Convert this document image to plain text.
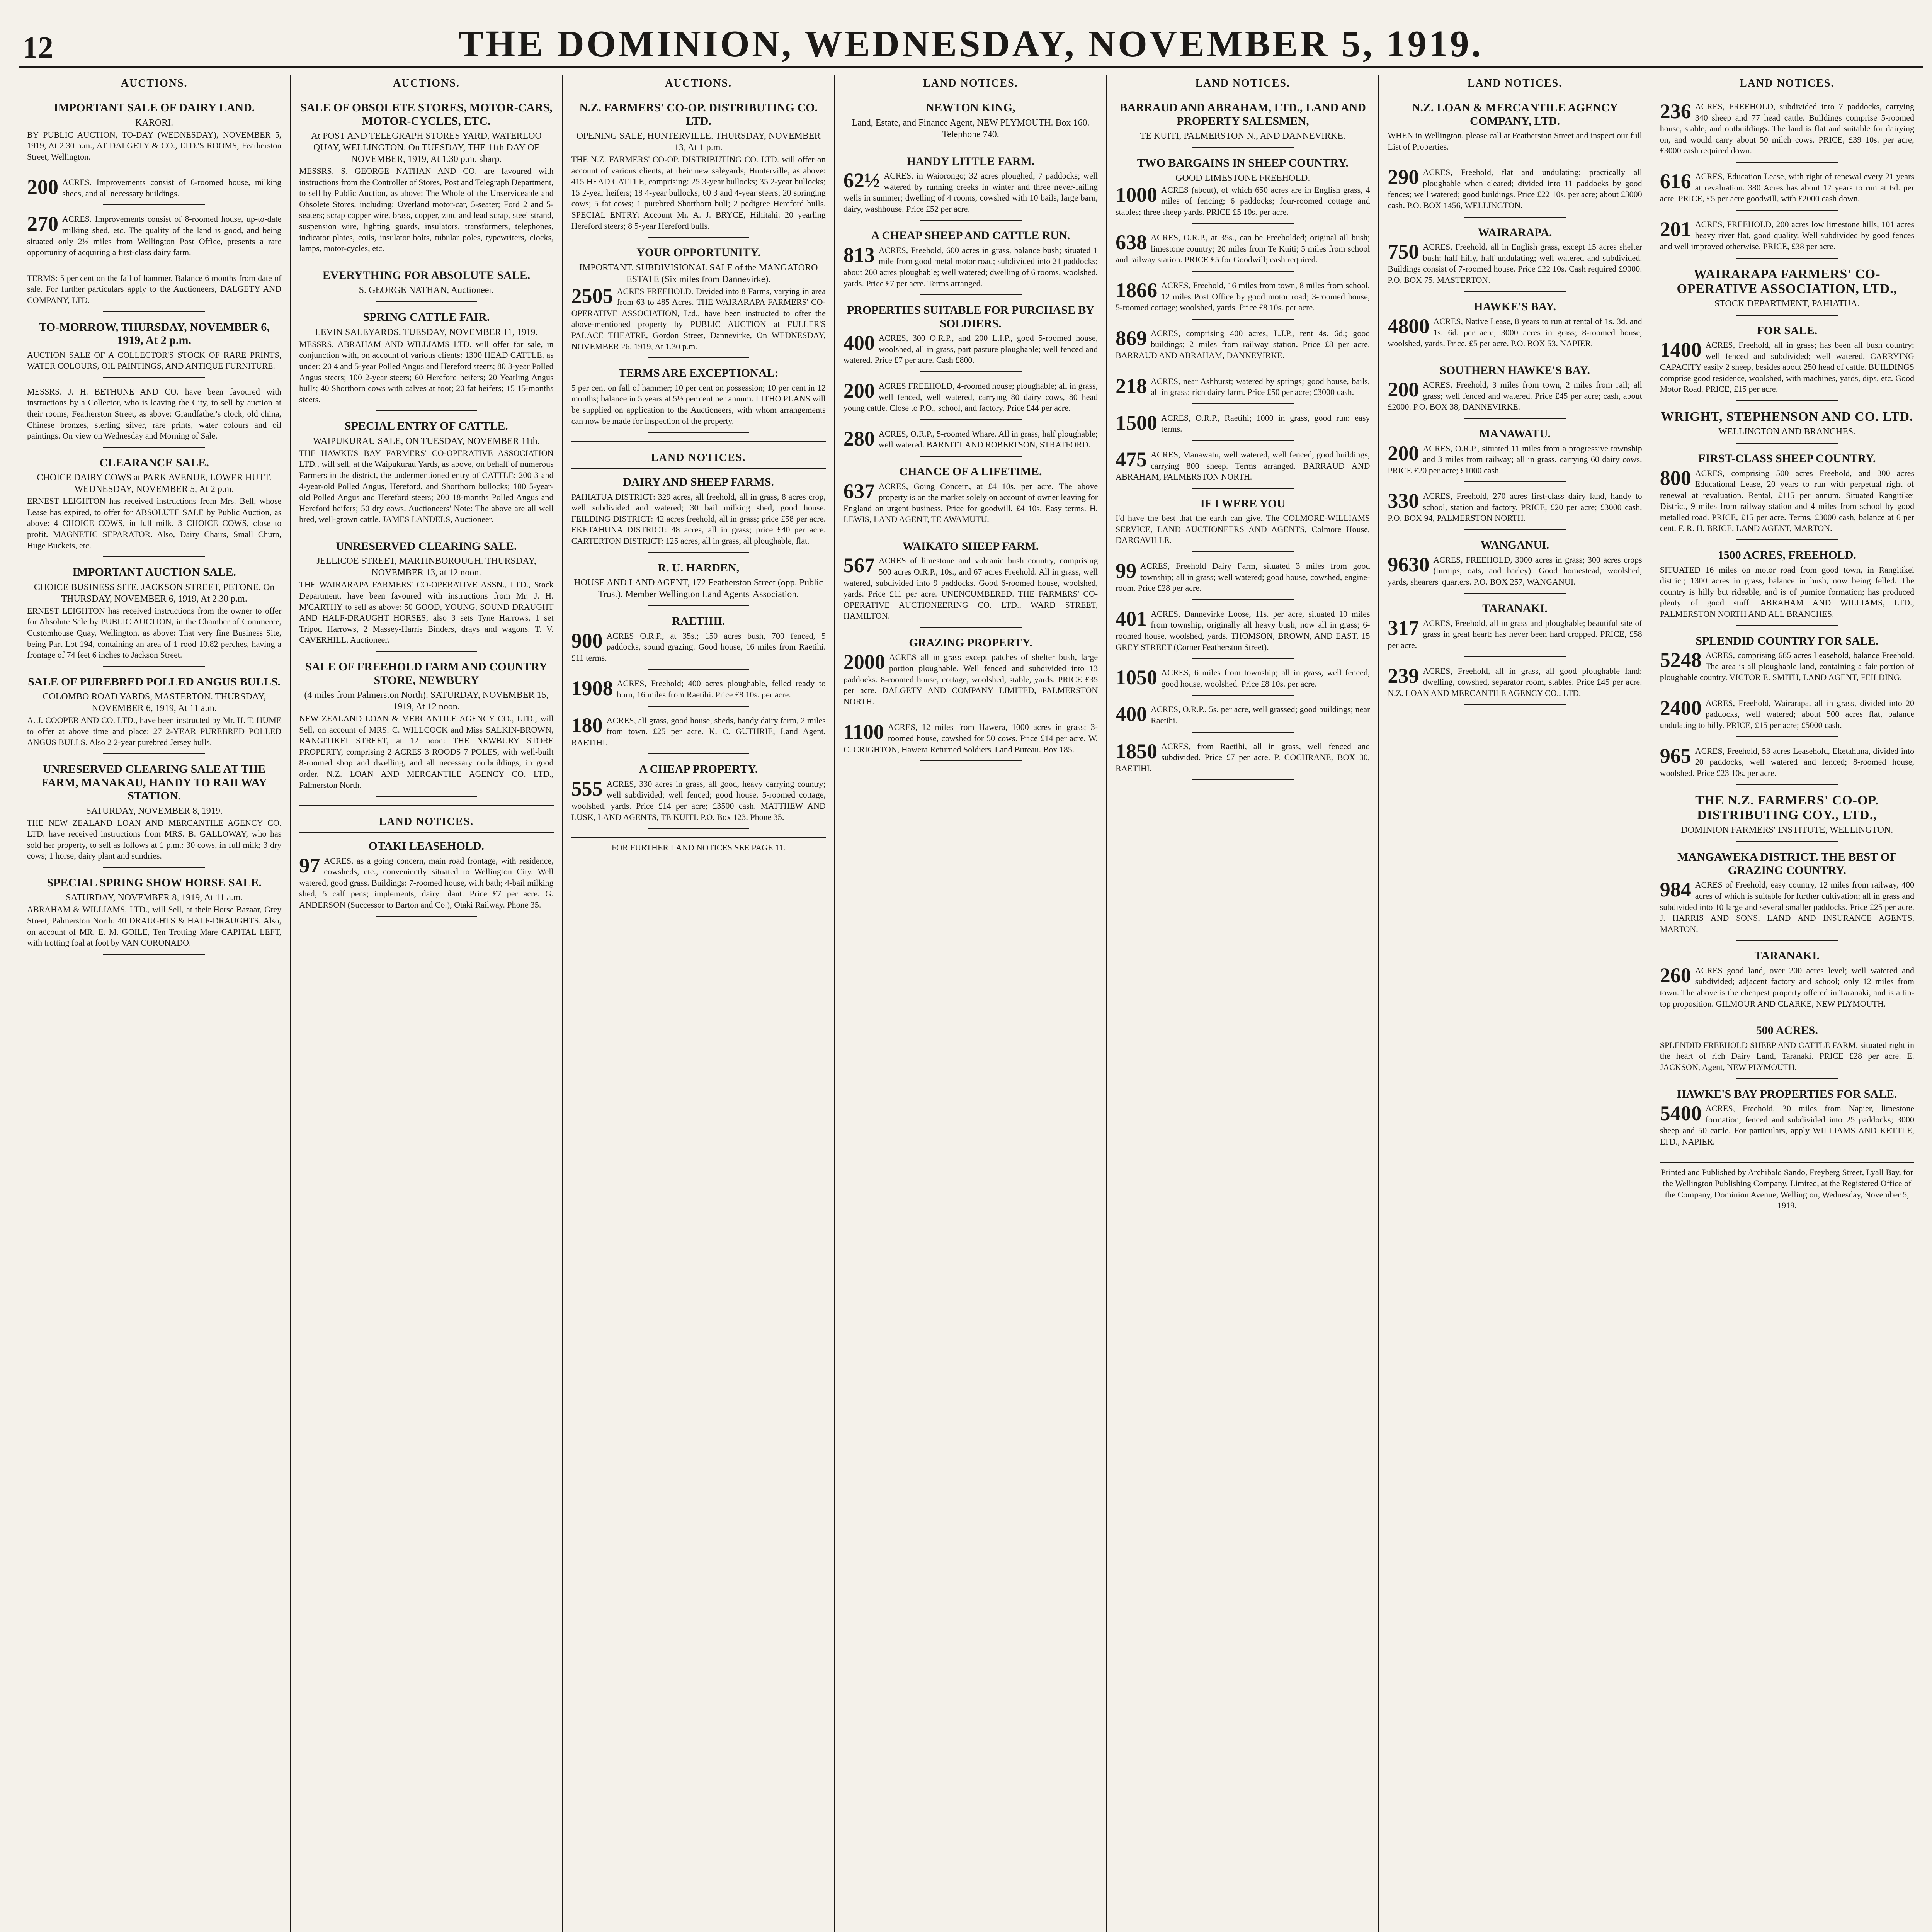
12	THE DOMINION, WEDNESDAY, NOVEMBER 5, 1919.
AUCTIONS.
IMPORTANT SALE OF DAIRY LAND.
KARORI.

BY PUBLIC AUCTION, TO-DAY (WEDNESDAY), NOVEMBER 5, 1919, At 2.30 p.m., AT DALGETY & CO., LTD.'S ROOMS, Featherston Street, Wellington.

200 ACRES. Improvements consist of 6-roomed house, milking sheds, and all necessary buildings.

270 ACRES. Improvements consist of 8-roomed house, up-to-date milking shed, etc. The quality of the land is good, and being situated only 2½ miles from Wellington Post Office, presents a rare opportunity of acquiring a first-class dairy farm.

TERMS: 5 per cent on the fall of hammer. Balance 6 months from date of sale. For further particulars apply to the Auctioneers, DALGETY AND COMPANY, LTD.

TO-MORROW, THURSDAY, NOVEMBER 6, 1919, At 2 p.m.

AUCTION SALE OF A COLLECTOR'S STOCK OF RARE PRINTS, WATER COLOURS, OIL PAINTINGS, AND ANTIQUE FURNITURE.

MESSRS. J. H. BETHUNE AND CO. have been favoured with instructions by a Collector, who is leaving the City, to sell by auction at their rooms, Featherston Street, as above: Grandfather's clock, old china, Chinese bronzes, sterling silver, rare prints, water colours and oil paintings. On view on Wednesday and Morning of Sale.

CLEARANCE SALE.
CHOICE DAIRY COWS at PARK AVENUE, LOWER HUTT. WEDNESDAY, NOVEMBER 5, At 2 p.m.

ERNEST LEIGHTON has received instructions from Mrs. Bell, whose Lease has expired, to offer for ABSOLUTE SALE by Public Auction, as above: 4 CHOICE COWS, in full milk. 3 CHOICE COWS, close to profit. MAGNETIC SEPARATOR. Also, Dairy Chairs, Small Churn, Huge Buckets, etc.

IMPORTANT AUCTION SALE.
CHOICE BUSINESS SITE. JACKSON STREET, PETONE. On THURSDAY, NOVEMBER 6, 1919, At 2.30 p.m.

ERNEST LEIGHTON has received instructions from the owner to offer for Absolute Sale by PUBLIC AUCTION, in the Chamber of Commerce, Customhouse Quay, Wellington, as above: That very fine Business Site, being Part Lot 194, containing an area of 1 rood 10.82 perches, having a frontage of 74 feet 6 inches to Jackson Street.

SALE OF PUREBRED POLLED ANGUS BULLS.
COLOMBO ROAD YARDS, MASTERTON. THURSDAY, NOVEMBER 6, 1919, At 11 a.m.

A. J. COOPER AND CO. LTD., have been instructed by Mr. H. T. HUME to offer at above time and place: 27 2-YEAR PUREBRED POLLED ANGUS BULLS. Also 2 2-year purebred Jersey bulls.

UNRESERVED CLEARING SALE AT THE FARM, MANAKAU, HANDY TO RAILWAY STATION.
SATURDAY, NOVEMBER 8, 1919.

THE NEW ZEALAND LOAN AND MERCANTILE AGENCY CO. LTD. have received instructions from MRS. B. GALLOWAY, who has sold her property, to sell as follows at 1 p.m.: 30 cows, in full milk; 3 dry cows; 1 horse; dairy plant and sundries.

SPECIAL SPRING SHOW HORSE SALE.
SATURDAY, NOVEMBER 8, 1919, At 11 a.m.

ABRAHAM & WILLIAMS, LTD., will Sell, at their Horse Bazaar, Grey Street, Palmerston North: 40 DRAUGHTS & HALF-DRAUGHTS. Also, on account of MR. E. M. GOILE, Ten Trotting Mare CAPITAL LEFT, with trotting foal at foot by VAN CORONADO.

AUCTIONS.
SALE OF OBSOLETE STORES, MOTOR-CARS, MOTOR-CYCLES, ETC.
At POST AND TELEGRAPH STORES YARD, WATERLOO QUAY, WELLINGTON. On TUESDAY, THE 11th DAY OF NOVEMBER, 1919, At 1.30 p.m. sharp.

MESSRS. S. GEORGE NATHAN AND CO. are favoured with instructions from the Controller of Stores, Post and Telegraph Department, to sell by Public Auction, as above: The Whole of the Unserviceable and Obsolete Stores, including: Overland motor-car, 5-seater; Ford 2 and 5-seaters; scrap copper wire, brass, copper, zinc and lead scrap, steel strand, suspension wire, lighting guards, insulators, transformers, telephones, indicator plates, coils, insulator bolts, tubular poles, typewriters, clocks, lamps, motor-cycles, etc.

EVERYTHING FOR ABSOLUTE SALE.
S. GEORGE NATHAN, Auctioneer.
SPRING CATTLE FAIR.
LEVIN SALEYARDS. TUESDAY, NOVEMBER 11, 1919.

MESSRS. ABRAHAM AND WILLIAMS LTD. will offer for sale, in conjunction with, on account of various clients: 1300 HEAD CATTLE, as under: 20 4 and 5-year Polled Angus and Hereford steers; 80 3-year Polled Angus steers; 100 2-year steers; 60 Hereford heifers; 20 Yearling Angus bulls; 40 Shorthorn cows with calves at foot; 20 fat heifers; 15 15-months steers.

SPECIAL ENTRY OF CATTLE.
WAIPUKURAU SALE, ON TUESDAY, NOVEMBER 11th.

THE HAWKE'S BAY FARMERS' CO-OPERATIVE ASSOCIATION LTD., will sell, at the Waipukurau Yards, as above, on behalf of numerous Farmers in the district, the undermentioned entry of CATTLE: 200 3 and 4-year-old Polled Angus, Hereford, and Shorthorn bullocks; 100 5-year-old Polled Angus and Hereford steers; 200 18-months Polled Angus and Hereford heifers; 50 dry cows. Auctioneers' Note: The above are all well bred, well-grown cattle. JAMES LANDELS, Auctioneer.

UNRESERVED CLEARING SALE.
JELLICOE STREET, MARTINBOROUGH. THURSDAY, NOVEMBER 13, at 12 noon.

THE WAIRARAPA FARMERS' CO-OPERATIVE ASSN., LTD., Stock Department, have been favoured with instructions from Mr. J. H. M'CARTHY to sell as above: 50 GOOD, YOUNG, SOUND DRAUGHT AND HALF-DRAUGHT HORSES; also 3 sets Tyne Harrows, 1 set Tripod Harrows, 2 Massey-Harris Binders, drays and wagons. T. V. CAVERHILL, Auctioneer.

SALE OF FREEHOLD FARM AND COUNTRY STORE, NEWBURY
(4 miles from Palmerston North). SATURDAY, NOVEMBER 15, 1919, At 12 noon.

NEW ZEALAND LOAN & MERCANTILE AGENCY CO., LTD., will Sell, on account of MRS. C. WILLCOCK and Miss SALKIN-BROWN, RANGITIKEI STREET, at 12 noon: THE NEWBURY STORE PROPERTY, comprising 2 ACRES 3 ROODS 7 POLES, with well-built 8-roomed shop and dwelling, and all necessary outbuildings, in good order. N.Z. LOAN AND MERCANTILE AGENCY CO. LTD., Palmerston North.

LAND NOTICES.
OTAKI LEASEHOLD.

97 ACRES, as a going concern, main road frontage, with residence, cowsheds, etc., conveniently situated to Wellington City. Well watered, good grass. Buildings: 7-roomed house, with bath; 4-bail milking shed, 5 calf pens; implements, dairy plant. Price £7 per acre. G. ANDERSON (Successor to Barton and Co.), Otaki Railway. Phone 35.

AUCTIONS.
N.Z. FARMERS' CO-OP. DISTRIBUTING CO. LTD.
OPENING SALE, HUNTERVILLE. THURSDAY, NOVEMBER 13, At 1 p.m.

THE N.Z. FARMERS' CO-OP. DISTRIBUTING CO. LTD. will offer on account of various clients, at their new saleyards, Hunterville, as above: 415 HEAD CATTLE, comprising: 25 3-year bullocks; 35 2-year bullocks; 15 2-year heifers; 18 4-year bullocks; 60 3 and 4-year steers; 20 springing cows; 5 fat cows; 1 purebred Shorthorn bull; 2 pedigree Hereford bulls. SPECIAL ENTRY: Account Mr. A. J. BRYCE, Hihitahi: 20 yearling Hereford steers; 8 5-year Hereford bulls.

YOUR OPPORTUNITY.
IMPORTANT. SUBDIVISIONAL SALE of the MANGATORO ESTATE (Six miles from Dannevirke).

2505 ACRES FREEHOLD. Divided into 8 Farms, varying in area from 63 to 485 Acres. THE WAIRARAPA FARMERS' CO-OPERATIVE ASSOCIATION, Ltd., have been instructed to offer the above-mentioned property by PUBLIC AUCTION at FULLER'S PALACE THEATRE, Gordon Street, Dannevirke, On WEDNESDAY, NOVEMBER 26, 1919, At 1.30 p.m.

TERMS ARE EXCEPTIONAL:

5 per cent on fall of hammer; 10 per cent on possession; 10 per cent in 12 months; balance in 5 years at 5½ per cent per annum. LITHO PLANS will be supplied on application to the Auctioneers, with whom arrangements can now be made for inspection of the property.

LAND NOTICES.
DAIRY AND SHEEP FARMS.

PAHIATUA DISTRICT: 329 acres, all freehold, all in grass, 8 acres crop, well subdivided and watered; 30 bail milking shed, good house. FEILDING DISTRICT: 42 acres freehold, all in grass; price £58 per acre. EKETAHUNA DISTRICT: 48 acres, all in grass; price £40 per acre. CARTERTON DISTRICT: 125 acres, all in grass, all ploughable, flat.

R. U. HARDEN,
HOUSE AND LAND AGENT, 172 Featherston Street (opp. Public Trust). Member Wellington Land Agents' Association.
RAETIHI.

900 ACRES O.R.P., at 35s.; 150 acres bush, 700 fenced, 5 paddocks, sound grazing. Good house, 16 miles from Raetihi. £11 terms.

1908 ACRES, Freehold; 400 acres ploughable, felled ready to burn, 16 miles from Raetihi. Price £8 10s. per acre.

180 ACRES, all grass, good house, sheds, handy dairy farm, 2 miles from town. £25 per acre. K. C. GUTHRIE, Land Agent, RAETIHI.

A CHEAP PROPERTY.

555 ACRES, 330 acres in grass, all good, heavy carrying country; well subdivided; well fenced; good house, 5-roomed cottage, woolshed, yards. Price £14 per acre; £3500 cash. MATTHEW AND LUSK, LAND AGENTS, TE KUITI. P.O. Box 123. Phone 35.

FOR FURTHER LAND NOTICES SEE PAGE 11.
LAND NOTICES.
NEWTON KING,
Land, Estate, and Finance Agent, NEW PLYMOUTH. Box 160. Telephone 740.
HANDY LITTLE FARM.

62½ ACRES, in Waiorongo; 32 acres ploughed; 7 paddocks; well watered by running creeks in winter and three never-failing wells in summer; dwelling of 4 rooms, cowshed with 10 bails, large barn, dairy, washhouse. Price £52 per acre.

A CHEAP SHEEP AND CATTLE RUN.

813 ACRES, Freehold, 600 acres in grass, balance bush; situated 1 mile from good metal motor road; subdivided into 21 paddocks; about 200 acres ploughable; well watered; dwelling of 6 rooms, woolshed, yards. Price £7 per acre. Terms arranged.

PROPERTIES SUITABLE FOR PURCHASE BY SOLDIERS.

400 ACRES, 300 O.R.P., and 200 L.I.P., good 5-roomed house, woolshed, all in grass, part pasture ploughable; well fenced and watered. Price £7 per acre. Cash £800.

200 ACRES FREEHOLD, 4-roomed house; ploughable; all in grass, well fenced, well watered, carrying 80 dairy cows, 80 head young cattle. Close to P.O., school, and factory. Price £44 per acre.

280 ACRES, O.R.P., 5-roomed Whare. All in grass, half ploughable; well watered. BARNITT AND ROBERTSON, STRATFORD.

CHANCE OF A LIFETIME.

637 ACRES, Going Concern, at £4 10s. per acre. The above property is on the market solely on account of owner leaving for England on urgent business. Price for goodwill, £4 10s. Easy terms. H. LEWIS, LAND AGENT, TE AWAMUTU.

WAIKATO SHEEP FARM.

567 ACRES of limestone and volcanic bush country, comprising 500 acres O.R.P., 10s., and 67 acres Freehold. All in grass, well watered, subdivided into 9 paddocks. Good 6-roomed house, woolshed, yards. Price £11 per acre. UNENCUMBERED. THE FARMERS' CO-OPERATIVE AUCTIONEERING CO. LTD., WARD STREET, HAMILTON.

GRAZING PROPERTY.

2000 ACRES all in grass except patches of shelter bush, large portion ploughable. Well fenced and subdivided into 13 paddocks. 8-roomed house, cottage, woolshed, stable, yards. PRICE £35 per acre. DALGETY AND COMPANY LIMITED, PALMERSTON NORTH.

1100 ACRES, 12 miles from Hawera, 1000 acres in grass; 3-roomed house, cowshed for 50 cows. Price £14 per acre. W. C. CRIGHTON, Hawera Returned Soldiers' Land Bureau. Box 185.

LAND NOTICES.
BARRAUD AND ABRAHAM, LTD., LAND AND PROPERTY SALESMEN,
TE KUITI, PALMERSTON N., AND DANNEVIRKE.
TWO BARGAINS IN SHEEP COUNTRY.
GOOD LIMESTONE FREEHOLD.

1000 ACRES (about), of which 650 acres are in English grass, 4 miles of fencing; 6 paddocks; four-roomed cottage and stables; three sheep yards. PRICE £5 10s. per acre.

638 ACRES, O.R.P., at 35s., can be Freeholded; original all bush; limestone country; 20 miles from Te Kuiti; 5 miles from school and railway station. PRICE £5 for Goodwill; cash required.

1866 ACRES, Freehold, 16 miles from town, 8 miles from school, 12 miles Post Office by good motor road; 3-roomed house, 5-roomed cottage; woolshed, yards. Price £8 10s. per acre.

869 ACRES, comprising 400 acres, L.I.P., rent 4s. 6d.; good buildings; 2 miles from railway station. Price £8 per acre. BARRAUD AND ABRAHAM, DANNEVIRKE.

218 ACRES, near Ashhurst; watered by springs; good house, bails, all in grass; rich dairy farm. Price £50 per acre; £3000 cash.

1500 ACRES, O.R.P., Raetihi; 1000 in grass, good run; easy terms.

475 ACRES, Manawatu, well watered, well fenced, good buildings, carrying 800 sheep. Terms arranged. BARRAUD AND ABRAHAM, PALMERSTON NORTH.

IF I WERE YOU

I'd have the best that the earth can give. The COLMORE-WILLIAMS SERVICE, LAND AUCTIONEERS AND AGENTS, Colmore House, DARGAVILLE.

99 ACRES, Freehold Dairy Farm, situated 3 miles from good township; all in grass; well watered; good house, cowshed, engine-room. Price £28 per acre.

401 ACRES, Dannevirke Loose, 11s. per acre, situated 10 miles from township, originally all heavy bush, now all in grass; 6-roomed house, woolshed, yards. THOMSON, BROWN, AND EAST, 15 GREY STREET (Corner Featherston Street).

1050 ACRES, 6 miles from township; all in grass, well fenced, good house, woolshed. Price £8 10s. per acre.

400 ACRES, O.R.P., 5s. per acre, well grassed; good buildings; near Raetihi.

1850 ACRES, from Raetihi, all in grass, well fenced and subdivided. Price £7 per acre. P. COCHRANE, BOX 30, RAETIHI.

LAND NOTICES.
N.Z. LOAN & MERCANTILE AGENCY COMPANY, LTD.

WHEN in Wellington, please call at Featherston Street and inspect our full List of Properties.

290 ACRES, Freehold, flat and undulating; practically all ploughable when cleared; divided into 11 paddocks by good fences; well watered; good buildings. Price £22 10s. per acre; about £3000 cash. P.O. BOX 1456, WELLINGTON.

WAIRARAPA.

750 ACRES, Freehold, all in English grass, except 15 acres shelter bush; half hilly, half undulating; well watered and subdivided. Buildings consist of 7-roomed house. Price £22 10s. Cash required £9000. P.O. BOX 75. MASTERTON.

HAWKE'S BAY.

4800 ACRES, Native Lease, 8 years to run at rental of 1s. 3d. and 1s. 6d. per acre; 3000 acres in grass; 8-roomed house, woolshed, yards. Price, £5 per acre. P.O. BOX 53. NAPIER.

SOUTHERN HAWKE'S BAY.

200 ACRES, Freehold, 3 miles from town, 2 miles from rail; all grass; well fenced and watered. Price £45 per acre; cash, about £2000. P.O. BOX 38, DANNEVIRKE.

MANAWATU.

200 ACRES, O.R.P., situated 11 miles from a progressive township and 3 miles from railway; all in grass, carrying 60 dairy cows. PRICE £20 per acre; £1000 cash.

330 ACRES, Freehold, 270 acres first-class dairy land, handy to school, station and factory. PRICE, £20 per acre; £3000 cash. P.O. BOX 94, PALMERSTON NORTH.

WANGANUI.

9630 ACRES, FREEHOLD, 3000 acres in grass; 300 acres crops (turnips, oats, and barley). Good homestead, woolshed, yards, shearers' quarters. P.O. BOX 257, WANGANUI.

TARANAKI.

317 ACRES, Freehold, all in grass and ploughable; beautiful site of grass in great heart; has never been hard cropped. PRICE, £58 per acre.

239 ACRES, Freehold, all in grass, all good ploughable land; dwelling, cowshed, separator room, stables. Price £45 per acre. N.Z. LOAN AND MERCANTILE AGENCY CO., LTD.

LAND NOTICES.

236 ACRES, FREEHOLD, subdivided into 7 paddocks, carrying 340 sheep and 77 head cattle. Buildings comprise 5-roomed house, stable, and outbuildings. The land is flat and suitable for dairying on, and would carry about 50 milch cows. PRICE, £39 10s. per acre; £3000 cash required down.

616 ACRES, Education Lease, with right of renewal every 21 years at revaluation. 380 Acres has about 17 years to run at 6d. per acre. PRICE, £5 per acre goodwill, with £2000 cash down.

201 ACRES, FREEHOLD, 200 acres low limestone hills, 101 acres heavy river flat, good quality. Well subdivided by good fences and well improved otherwise. PRICE, £38 per acre.

WAIRARAPA FARMERS' CO-OPERATIVE ASSOCIATION, LTD.,
STOCK DEPARTMENT, PAHIATUA.
FOR SALE.

1400 ACRES, Freehold, all in grass; has been all bush country; well fenced and subdivided; well watered. CARRYING CAPACITY easily 2 sheep, besides about 250 head of cattle. BUILDINGS comprise good residence, woolshed, with machines, yards, dips, etc. Good Motor Road. PRICE, £15 per acre.

WRIGHT, STEPHENSON AND CO. LTD.
WELLINGTON AND BRANCHES.
FIRST-CLASS SHEEP COUNTRY.

800 ACRES, comprising 500 acres Freehold, and 300 acres Educational Lease, 20 years to run with perpetual right of renewal at revaluation. Rental, £115 per annum. Situated Rangitikei District, 9 miles from railway station and 4 miles from school by good metalled road. PRICE, £15 per acre. Terms, £3000 cash, balance at 6 per cent. F. R. H. BRICE, LAND AGENT, MARTON.

1500 ACRES, FREEHOLD.

SITUATED 16 miles on motor road from good town, in Rangitikei district; 1300 acres in grass, balance in bush, now being felled. The country is hilly but rideable, and is of pumice formation; has produced plenty of good stuff. ABRAHAM AND WILLIAMS, LTD., PALMERSTON NORTH AND ALL BRANCHES.

SPLENDID COUNTRY FOR SALE.

5248 ACRES, comprising 685 acres Leasehold, balance Freehold. The area is all ploughable land, containing a fair portion of ploughable country. VICTOR E. SMITH, LAND AGENT, FEILDING.

2400 ACRES, Freehold, Wairarapa, all in grass, divided into 20 paddocks, well watered; about 500 acres flat, balance undulating to hilly. PRICE, £15 per acre; £5000 cash.

965 ACRES, Freehold, 53 acres Leasehold, Eketahuna, divided into 20 paddocks, well watered and fenced; 8-roomed house, woolshed. Price £23 10s. per acre.

THE N.Z. FARMERS' CO-OP. DISTRIBUTING COY., LTD.,
DOMINION FARMERS' INSTITUTE, WELLINGTON.
MANGAWEKA DISTRICT. THE BEST OF GRAZING COUNTRY.

984 ACRES of Freehold, easy country, 12 miles from railway, 400 acres of which is suitable for further cultivation; all in grass and subdivided into 10 large and several smaller paddocks. Price £25 per acre. J. HARRIS AND SONS, LAND AND INSURANCE AGENTS, MARTON.

TARANAKI.

260 ACRES good land, over 200 acres level; well watered and subdivided; adjacent factory and school; only 12 miles from town. The above is the cheapest property offered in Taranaki, and is a tip-top proposition. GILMOUR AND CLARKE, NEW PLYMOUTH.

500 ACRES.

SPLENDID FREEHOLD SHEEP AND CATTLE FARM, situated right in the heart of rich Dairy Land, Taranaki. PRICE £28 per acre. E. JACKSON, Agent, NEW PLYMOUTH.

HAWKE'S BAY PROPERTIES FOR SALE.

5400 ACRES, Freehold, 30 miles from Napier, limestone formation, fenced and subdivided into 25 paddocks; 3000 sheep and 50 cattle. For particulars, apply WILLIAMS AND KETTLE, LTD., NAPIER.

Printed and Published by Archibald Sando, Freyberg Street, Lyall Bay, for the Wellington Publishing Company, Limited, at the Registered Office of the Company, Dominion Avenue, Wellington, Wednesday, November 5, 1919.
